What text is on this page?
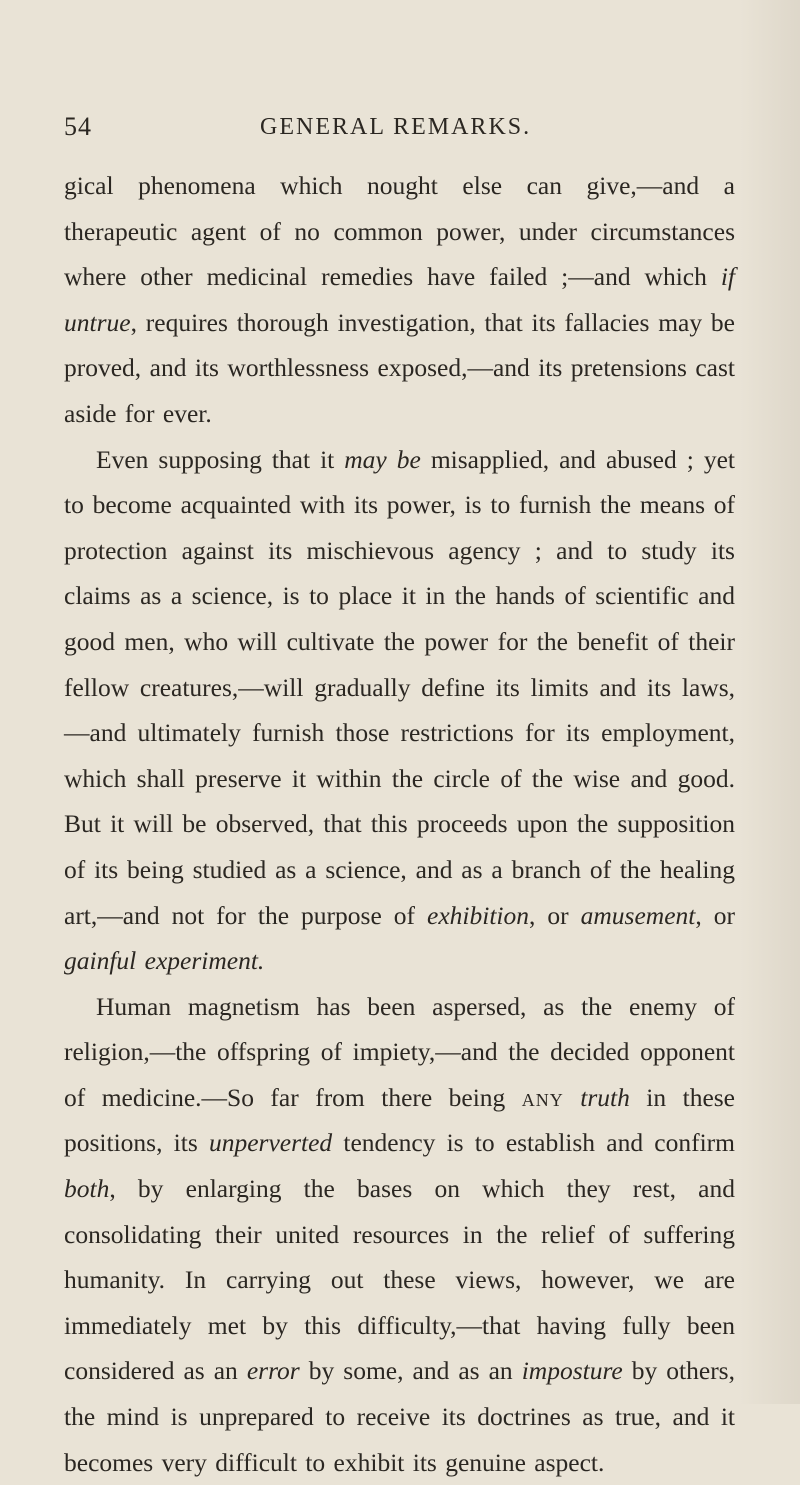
54	GENERAL REMARKS.

gical phenomena which nought else can give,—and a therapeutic agent of no common power, under circumstances where other medicinal remedies have failed ;—and which if untrue, requires thorough investigation, that its fallacies may be proved, and its worthlessness exposed,—and its pretensions cast aside for ever.

Even supposing that it may be misapplied, and abused ; yet to become acquainted with its power, is to furnish the means of protection against its mischievous agency ; and to study its claims as a science, is to place it in the hands of scientific and good men, who will cultivate the power for the benefit of their fellow creatures,—will gradually define its limits and its laws,—and ultimately furnish those restrictions for its employment, which shall preserve it within the circle of the wise and good. But it will be observed, that this proceeds upon the supposition of its being studied as a science, and as a branch of the healing art,—and not for the purpose of exhibition, or amusement, or gainful experiment.

Human magnetism has been aspersed, as the enemy of religion,—the offspring of impiety,—and the decided opponent of medicine.—So far from there being any truth in these positions, its unperverted tendency is to establish and confirm both, by enlarging the bases on which they rest, and consolidating their united resources in the relief of suffering humanity. In carrying out these views, however, we are immediately met by this difficulty,—that having fully been considered as an error by some, and as an imposture by others, the mind is unprepared to receive its doctrines as true, and it becomes very difficult to exhibit its genuine aspect.
